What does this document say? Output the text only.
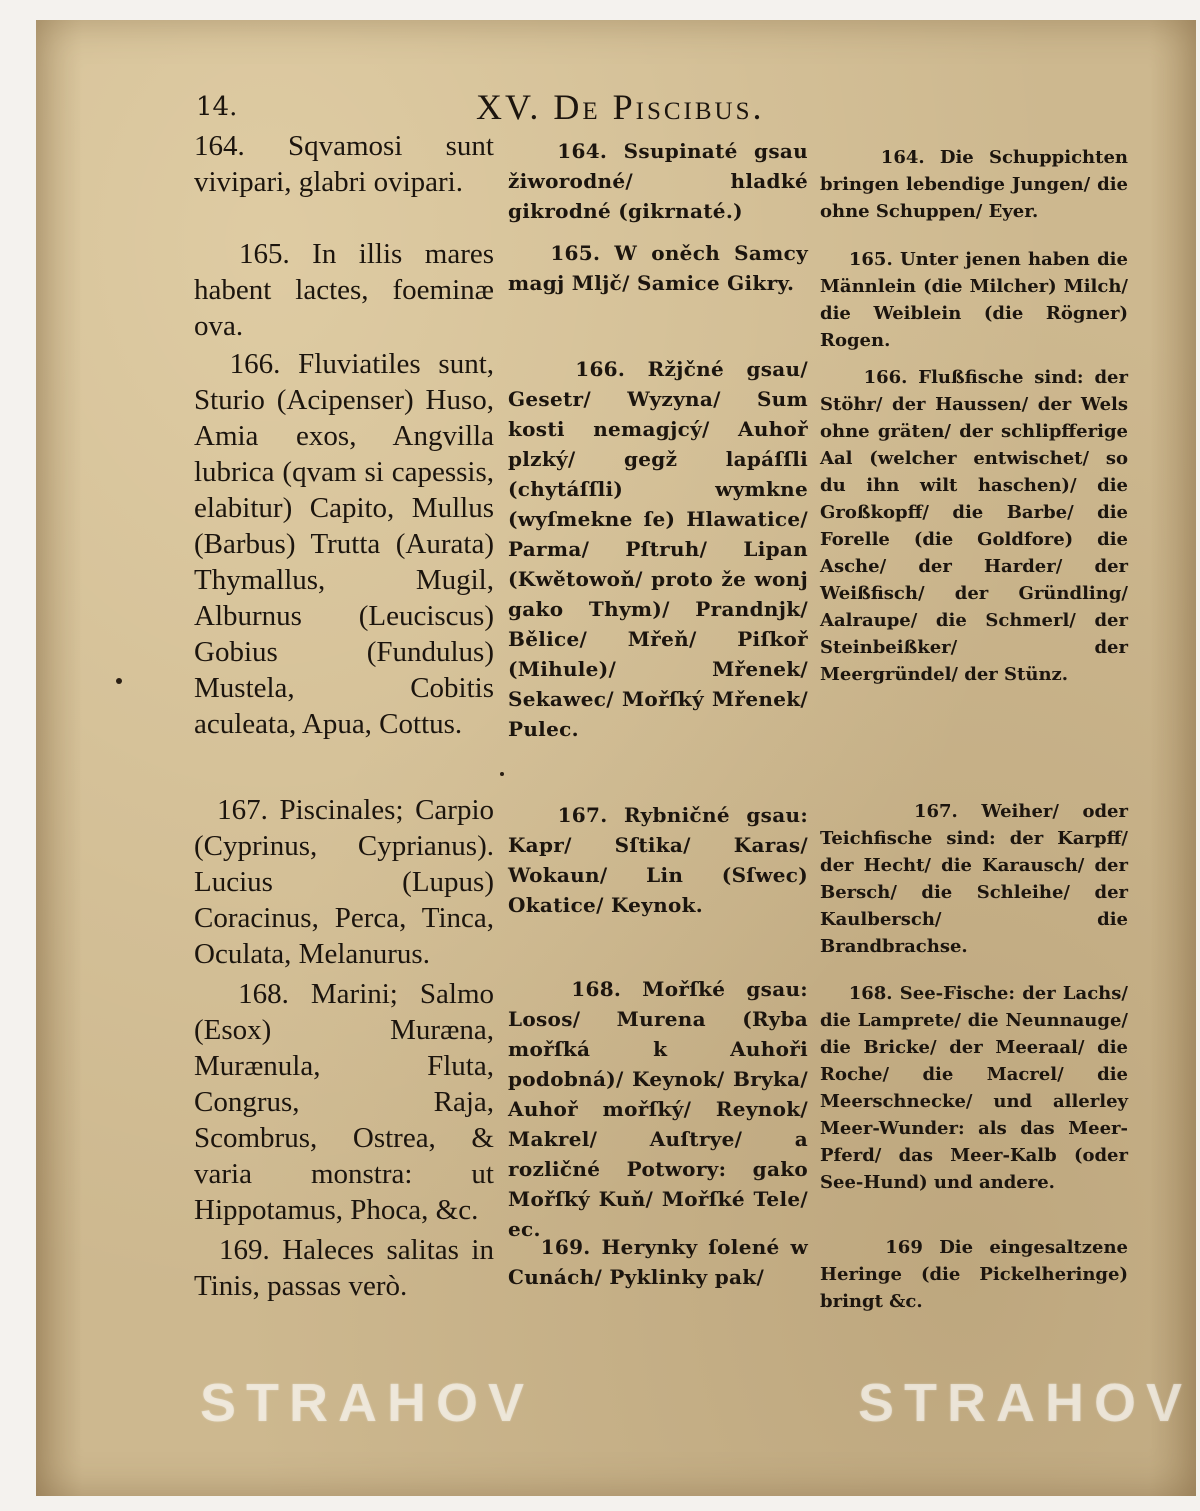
14.	XV. De Piscibus.
164. Sqvamosi sunt vivipari, glabri ovipari.
165. In illis mares habent lactes, foeminæ ova.
166. Fluviatiles sunt, Sturio (Acipenser) Huso, Amia exos, Angvilla lubrica (qvam si capessis, elabitur) Capito, Mullus (Barbus) Trutta (Aurata) Thymallus, Mugil, Alburnus (Leuciscus) Gobius (Fundulus) Mustela, Cobitis aculeata, Apua, Cottus.
167. Piscinales; Carpio (Cyprinus, Cyprianus). Lucius (Lupus) Coracinus, Perca, Tinca, Oculata, Melanurus.
168. Marini; Salmo (Esox) Muræna, Murænula, Fluta, Congrus, Raja, Scombrus, Ostrea, & varia monstra: ut Hippotamus, Phoca, &c.
169. Haleces salitas in Tinis, passas verò.
164. Ssupinaté gsau žiworodné/ hladké gikrodné (gikrnaté.)
165. W oněch Samcy magj Mljč/ Samice Gikry.
166. Ržjčné gsau/ Gesetr/ Wyzyna/ Sum kosti nemagjcý/ Auhoř plzký/ gegž lapáſſli (chytáſſli) wymkne (wyſmekne ſe) Hlawatice/ Parma/ Pſtruh/ Lipan (Kwětowoň/ proto že wonj gako Thym)/ Prandnjk/ Bělice/ Mřeň/ Piſkoř (Mihule)/ Mřenek/ Sekawec/ Mořſký Mřenek/ Pulec.
167. Rybničné gsau: Kapr/ Sſtika/ Karas/ Wokaun/ Lin (Sſwec) Okatice/ Keynok.
168. Mořſké gsau: Losos/ Murena (Ryba mořſká k Auhoři podobná)/ Keynok/ Bryka/ Auhoř mořſký/ Reynok/ Makrel/ Auſtrye/ a rozličné Potwory: gako Mořſký Kuň/ Mořſké Tele/ ec.
169. Herynky ſolené w Cunách/ Pyklinky pak/
164. Die Schuppichten bringen lebendige Jungen/ die ohne Schuppen/ Eyer.
165. Unter jenen haben die Männlein (die Milcher) Milch/ die Weiblein (die Rögner) Rogen.
166. Flußfische sind: der Stöhr/ der Haussen/ der Wels ohne gräten/ der schlipfferige Aal (welcher entwischet/ so du ihn wilt haschen)/ die Großkopff/ die Barbe/ die Forelle (die Goldfore) die Asche/ der Harder/ der Weißfisch/ der Gründling/ Aalraupe/ die Schmerl/ der Steinbeißker/ der Meergründel/ der Stünz.
167. Weiher/ oder Teichfische sind: der Karpff/ der Hecht/ die Karausch/ der Bersch/ die Schleihe/ der Kaulbersch/ die Brandbrachse.
168. See-Fische: der Lachs/ die Lamprete/ die Neunnauge/ die Bricke/ der Meeraal/ die Roche/ die Macrel/ die Meerschnecke/ und allerley Meer-Wunder: als das Meer-Pferd/ das Meer-Kalb (oder See-Hund) und andere.
169 Die eingesaltzene Heringe (die Pickelheringe) bringt &c.
STRAHOV	STRAHOV
